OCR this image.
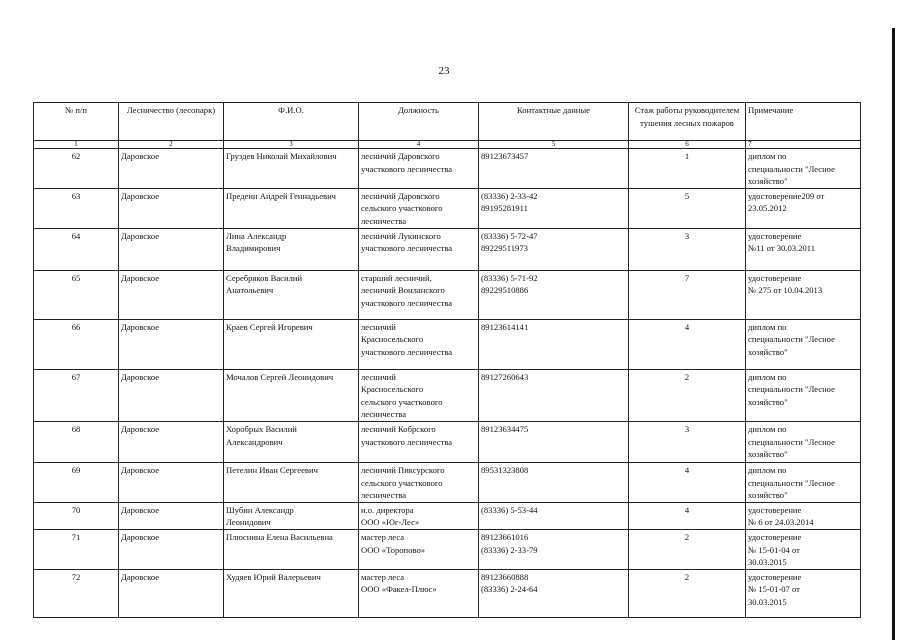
23
№ п/п	Лесничество (лесопарк)	Ф.И.О.	Должность	Контактные данные	Стаж работы руководителем тушения лесных пожаров	Примечание
1	2	3	4	5	6	7
62	Даровское	Груздев Николай Михайлович	лесничий Даровского
участкового лесничества	89123673457	1	диплом по
специальности "Лесное
хозяйство"

63	Даровское	Предеин Андрей Геннадьевич	лесничий Даровского
сельского участкового
лесничества	(83336) 2-33-42
89195281911	5	удостоверение209 от
23.05.2012

64	Даровское	Лина Александр
Владимирович	лесничий Лукинского
участкового лесничества	(83336) 5-72-47
89229511973	3	удостоверение
№11 от 30.03.2011

65	Даровское	Серебряков Василий
Анатольевич	старший лесничий,
лесничий Вонланского
участкового лесничества	(83336) 5-71-92
89229510886	7	удостоверение
№ 275 от 10.04.2013

66	Даровское	Краев Сергей Игоревич	лесничий
Красносельского
участкового лесничества	89123614141	4	диплом по
специальности "Лесное
хозяйство"

67	Даровское	Мочалов Сергей Леонидович	лесничий
Красносельского
сельского участкового
лесничества	89127260643	2	диплом по
специальности "Лесное
хозяйство"

68	Даровское	Хоробрых Василий
Александрович	лесничий Кобрского
участкового лесничества	89123634475	3	диплом по
специальности "Лесное
хозяйство"

69	Даровское	Петелин Иван Сергеевич	лесничий Пиксурского
сельского участкового
лесничества	89531323808	4	диплом по
специальности "Лесное
хозяйство"

70	Даровское	Шубин Александр
Леонидович	и.о. директора
ООО «Юг-Лес»	(83336) 5-53-44	4	удостоверение
№ 6 от 24.03.2014

71	Даровское	Плюснина Елена Васильевна	мастер леса
ООО «Торопово»	89123661016
(83336) 2-33-79	2	удостоверение
№ 15-01-04 от
30.03.2015

72	Даровское	Худяев Юрий Валерьевич	мастер леса
ООО «Факел-Плюс»	89123660888
(83336) 2-24-64	2	удостоверение
№ 15-01-07 от
30.03.2015
